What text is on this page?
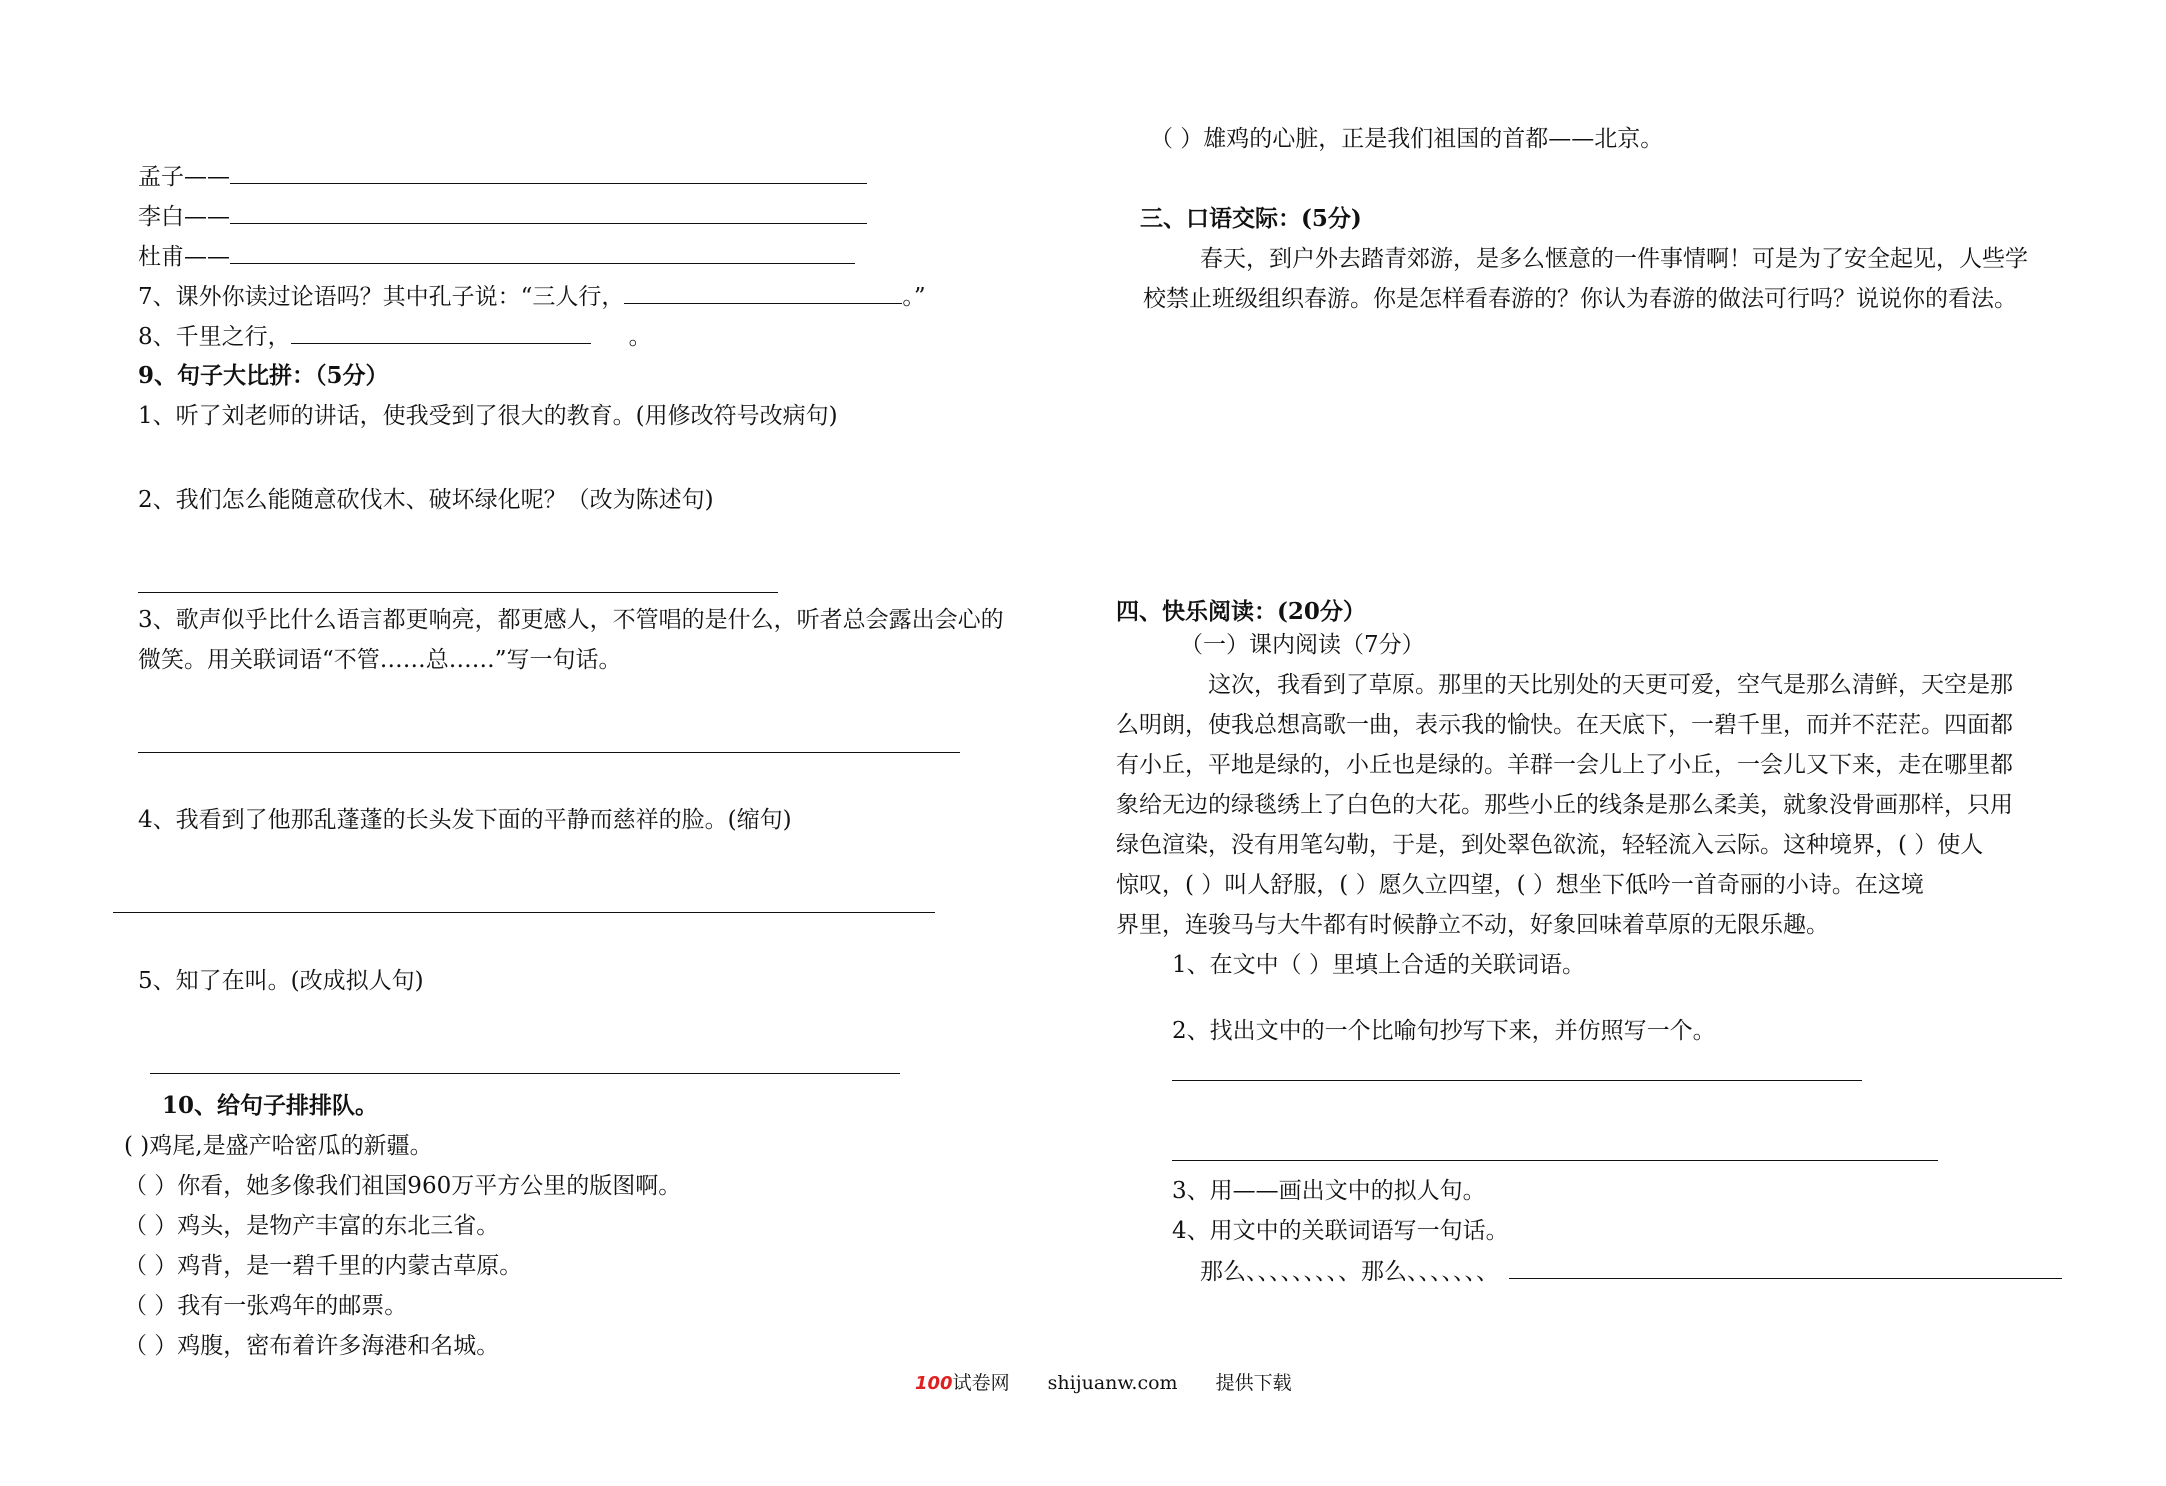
孟子——
李白——
杜甫——
7、课外你读过论语吗？其中孔子说：“三人行，	。”
8、千里之行，	。
9、句子大比拼：（5分）
1、听了刘老师的讲话，使我受到了很大的教育。(用修改符号改病句)
2、我们怎么能随意砍伐木、破坏绿化呢？（改为陈述句)
3、歌声似乎比什么语言都更响亮，都更感人，不管唱的是什么，听者总会露出会心的
微笑。用关联词语“不管……总……”写一句话。
4、我看到了他那乱蓬蓬的长头发下面的平静而慈祥的脸。(缩句)
5、知了在叫。(改成拟人句)
10、给句子排排队。
( )鸡尾,是盛产哈密瓜的新疆。
（ ）你看，她多像我们祖国960万平方公里的版图啊。
（ ）鸡头，是物产丰富的东北三省。
（ ）鸡背，是一碧千里的内蒙古草原。
（ ）我有一张鸡年的邮票。
（ ）鸡腹，密布着许多海港和名城。
（ ）雄鸡的心脏，正是我们祖国的首都——北京。
三、口语交际：(5分)
春天，到户外去踏青郊游，是多么惬意的一件事情啊！可是为了安全起见，人些学
校禁止班级组织春游。你是怎样看春游的？你认为春游的做法可行吗？说说你的看法。
四、快乐阅读：(20分）
（一）课内阅读（7分）
这次，我看到了草原。那里的天比别处的天更可爱，空气是那么清鲜，天空是那
么明朗，使我总想高歌一曲，表示我的愉快。在天底下，一碧千里，而并不茫茫。四面都
有小丘，平地是绿的，小丘也是绿的。羊群一会儿上了小丘，一会儿又下来，走在哪里都
象给无边的绿毯绣上了白色的大花。那些小丘的线条是那么柔美，就象没骨画那样，只用
绿色渲染，没有用笔勾勒，于是，到处翠色欲流，轻轻流入云际。这种境界，( ）使人
惊叹，( ）叫人舒服，( ）愿久立四望，( ）想坐下低吟一首奇丽的小诗。在这境
界里，连骏马与大牛都有时候静立不动，好象回味着草原的无限乐趣。
1、在文中（ ）里填上合适的关联词语。
2、找出文中的一个比喻句抄写下来，并仿照写一个。
3、用——画出文中的拟人句。
4、用文中的关联词语写一句话。
那么、、、、、、、、、那么、、、、、、、
100试卷网 shijuanw.com 提供下载
